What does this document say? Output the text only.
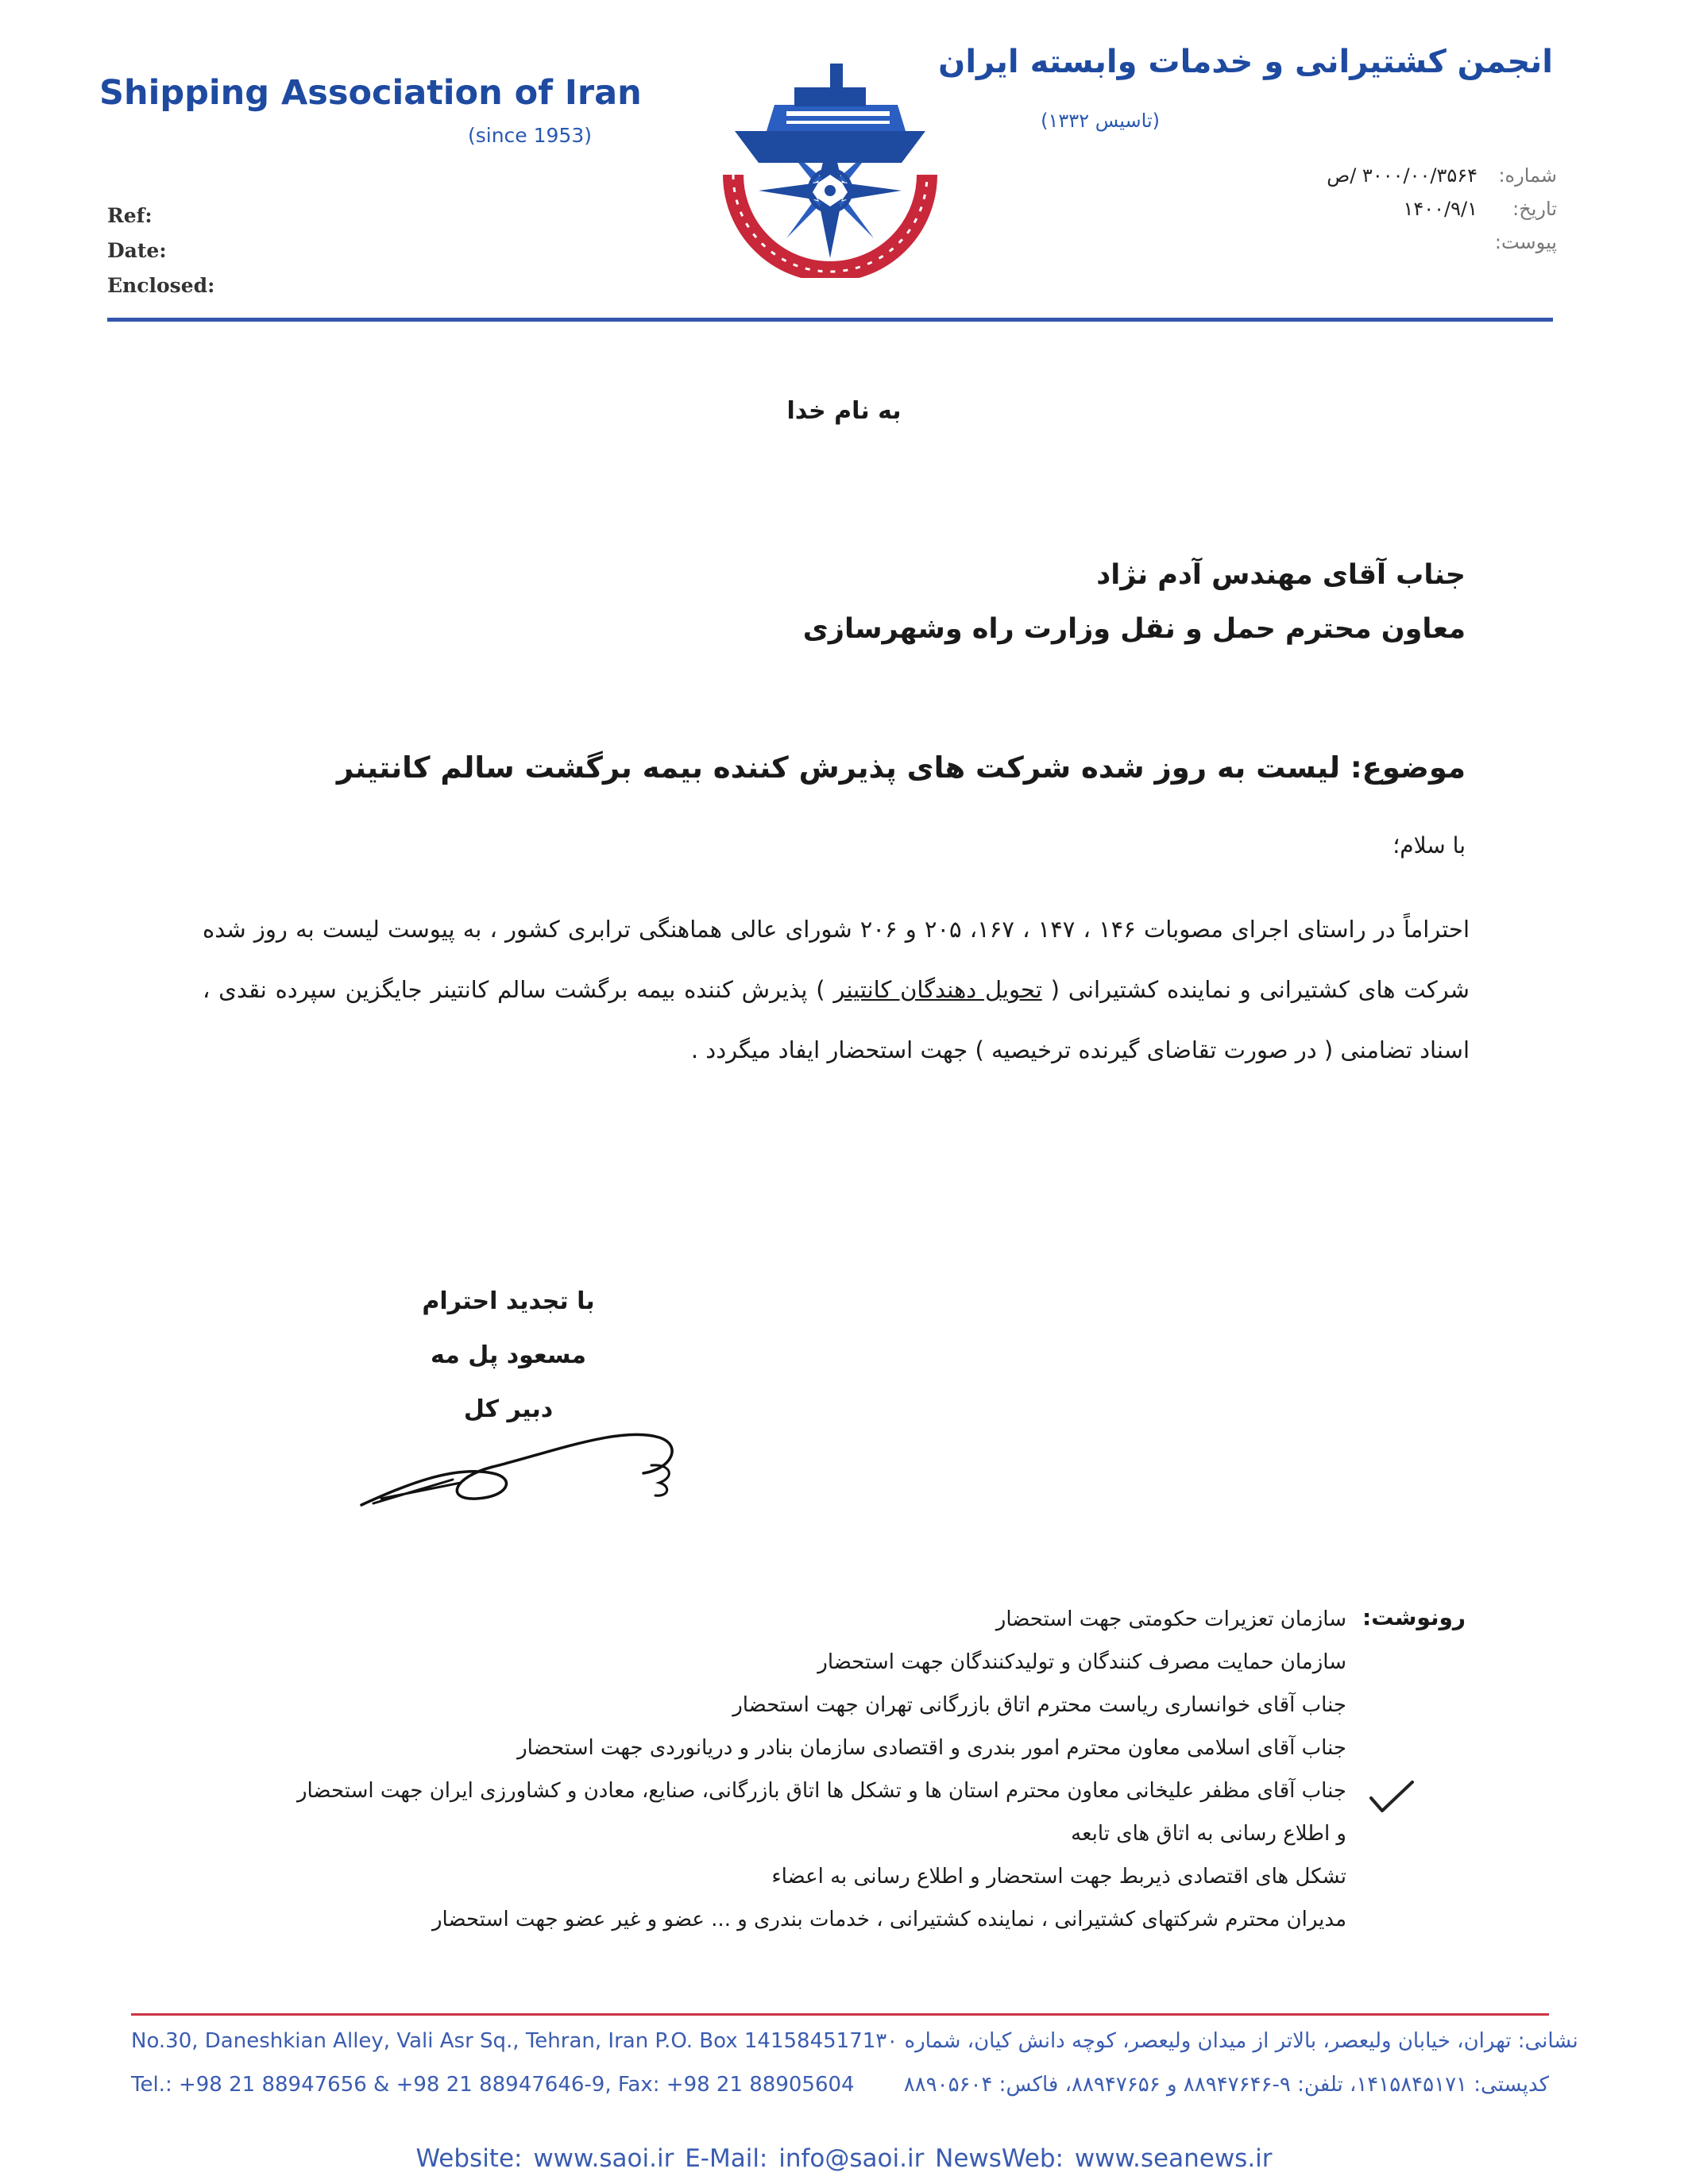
Shipping Association of Iran
(since 1953)
Ref:
Date:
Enclosed:
انجمن کشتیرانی و خدمات وابسته ایران
(تاسیس ۱۳۳۲)
شماره:
۳۰۰۰/۰۰/۳۵۶۴ /ص
تاریخ:
۱۴۰۰/۹/۱
پیوست:
به نام خدا
جناب آقای مهندس آدم نژاد
معاون محترم حمل و نقل وزارت راه وشهرسازی
موضوع: لیست به روز شده شرکت های پذیرش کننده بیمه برگشت سالم کانتینر
با سلام؛
احتراماً در راستای اجرای مصوبات ۱۴۶ ، ۱۴۷ ، ۱۶۷، ۲۰۵ و ۲۰۶ شورای عالی هماهنگی ترابری کشور ، به پیوست لیست به روز شده شرکت های کشتیرانی و نماینده کشتیرانی ( تحویل دهندگان کانتینر ) پذیرش کننده بیمه برگشت سالم کانتینر جایگزین سپرده نقدی ، اسناد تضامنی ( در صورت تقاضای گیرنده ترخیصیه ) جهت استحضار ایفاد میگردد .
با تجدید احترام
مسعود پل مه
دبیر کل
رونوشت:
سازمان تعزیرات حکومتی جهت استحضار
سازمان حمایت مصرف کنندگان و تولیدکنندگان جهت استحضار
جناب آقای خوانساری ریاست محترم اتاق بازرگانی تهران جهت استحضار
جناب آقای اسلامی معاون محترم امور بندری و اقتصادی سازمان بنادر و دریانوردی جهت استحضار
جناب آقای مظفر علیخانی معاون محترم استان ها و تشکل ها اتاق بازرگانی، صنایع، معادن و کشاورزی ایران جهت استحضار
و اطلاع رسانی به اتاق های تابعه
تشکل های اقتصادی ذیربط جهت استحضار و اطلاع رسانی به اعضاء
مدیران محترم شرکتهای کشتیرانی ، نماینده کشتیرانی ، خدمات بندری و ... عضو و غیر عضو جهت استحضار
No.30, Daneshkian Alley, Vali Asr Sq., Tehran, Iran P.O. Box 1415845171 نشانی: تهران، خیابان ولیعصر، بالاتر از میدان ولیعصر، کوچه دانش کیان، شماره ۳۰
Tel.: +98 21 88947656 & +98 21 88947646-9, Fax: +98 21 88905604 کدپستی: ۱۴۱۵۸۴۵۱۷۱، تلفن: ۹-۸۸۹۴۷۶۴۶ و ۸۸۹۴۷۶۵۶، فاکس: ۸۸۹۰۵۶۰۴
Website: www.saoi.ir E-Mail: info@saoi.ir NewsWeb: www.seanews.ir
